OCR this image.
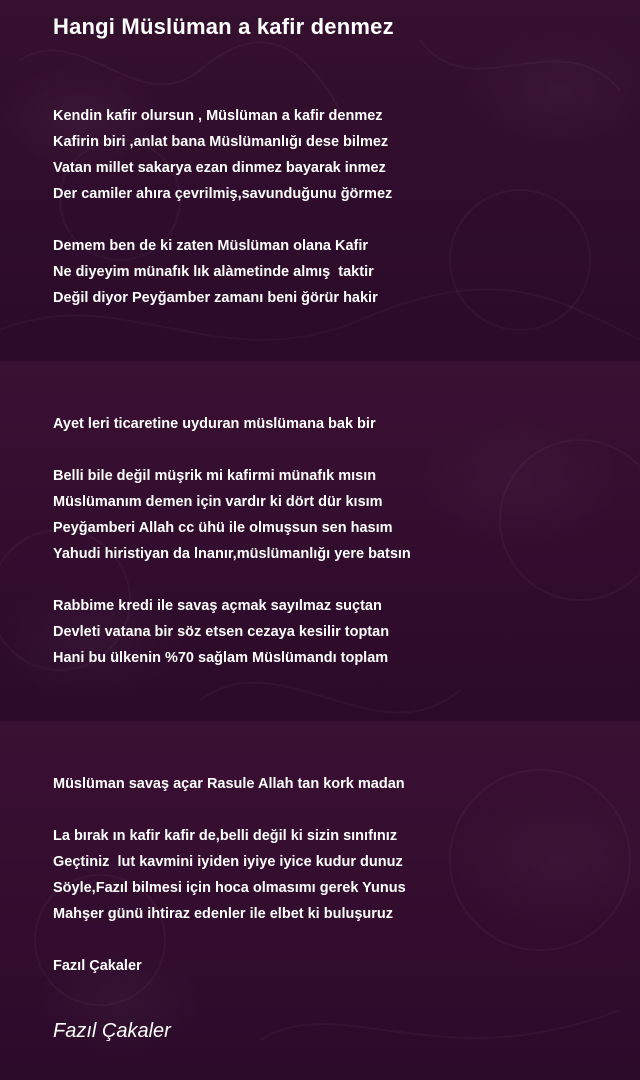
Hangi Müslüman a kafir denmez
Kendin kafir olursun , Müslüman a kafir denmez
Kafirin biri ,anlat bana Müslümanlığı dese bilmez
Vatan millet sakarya ezan dinmez bayarak inmez
Der camiler ahıra çevrilmiş,savunduğunu ğörmez
Demem ben de ki zaten Müslüman olana Kafir
Ne diyeyim münafık lık alàmetinde almış  taktir
Değil diyor Peyğamber zamanı beni ğörür hakir
Ayet leri ticaretine uyduran müslümana bak bir
Belli bile değil müşrik mi kafirmi münafık mısın
Müslümanım demen için vardır ki dört dür kısım
Peyğamberi Allah cc ühü ile olmuşsun sen hasım
Yahudi hiristiyan da lnanır,müslümanlığı yere batsın
Rabbime kredi ile savaş açmak sayılmaz suçtan
Devleti vatana bir söz etsen cezaya kesilir toptan
Hani bu ülkenin %70 sağlam Müslümandı toplam
Müslüman savaş açar Rasule Allah tan kork madan
La bırak ın kafir kafir de,belli değil ki sizin sınıfınız
Geçtiniz  lut kavmini iyiden iyiye iyice kudur dunuz
Söyle,Fazıl bilmesi için hoca olmasımı gerek Yunus
Mahşer günü ihtiraz edenler ile elbet ki buluşuruz
Fazıl Çakaler
Fazıl Çakaler
